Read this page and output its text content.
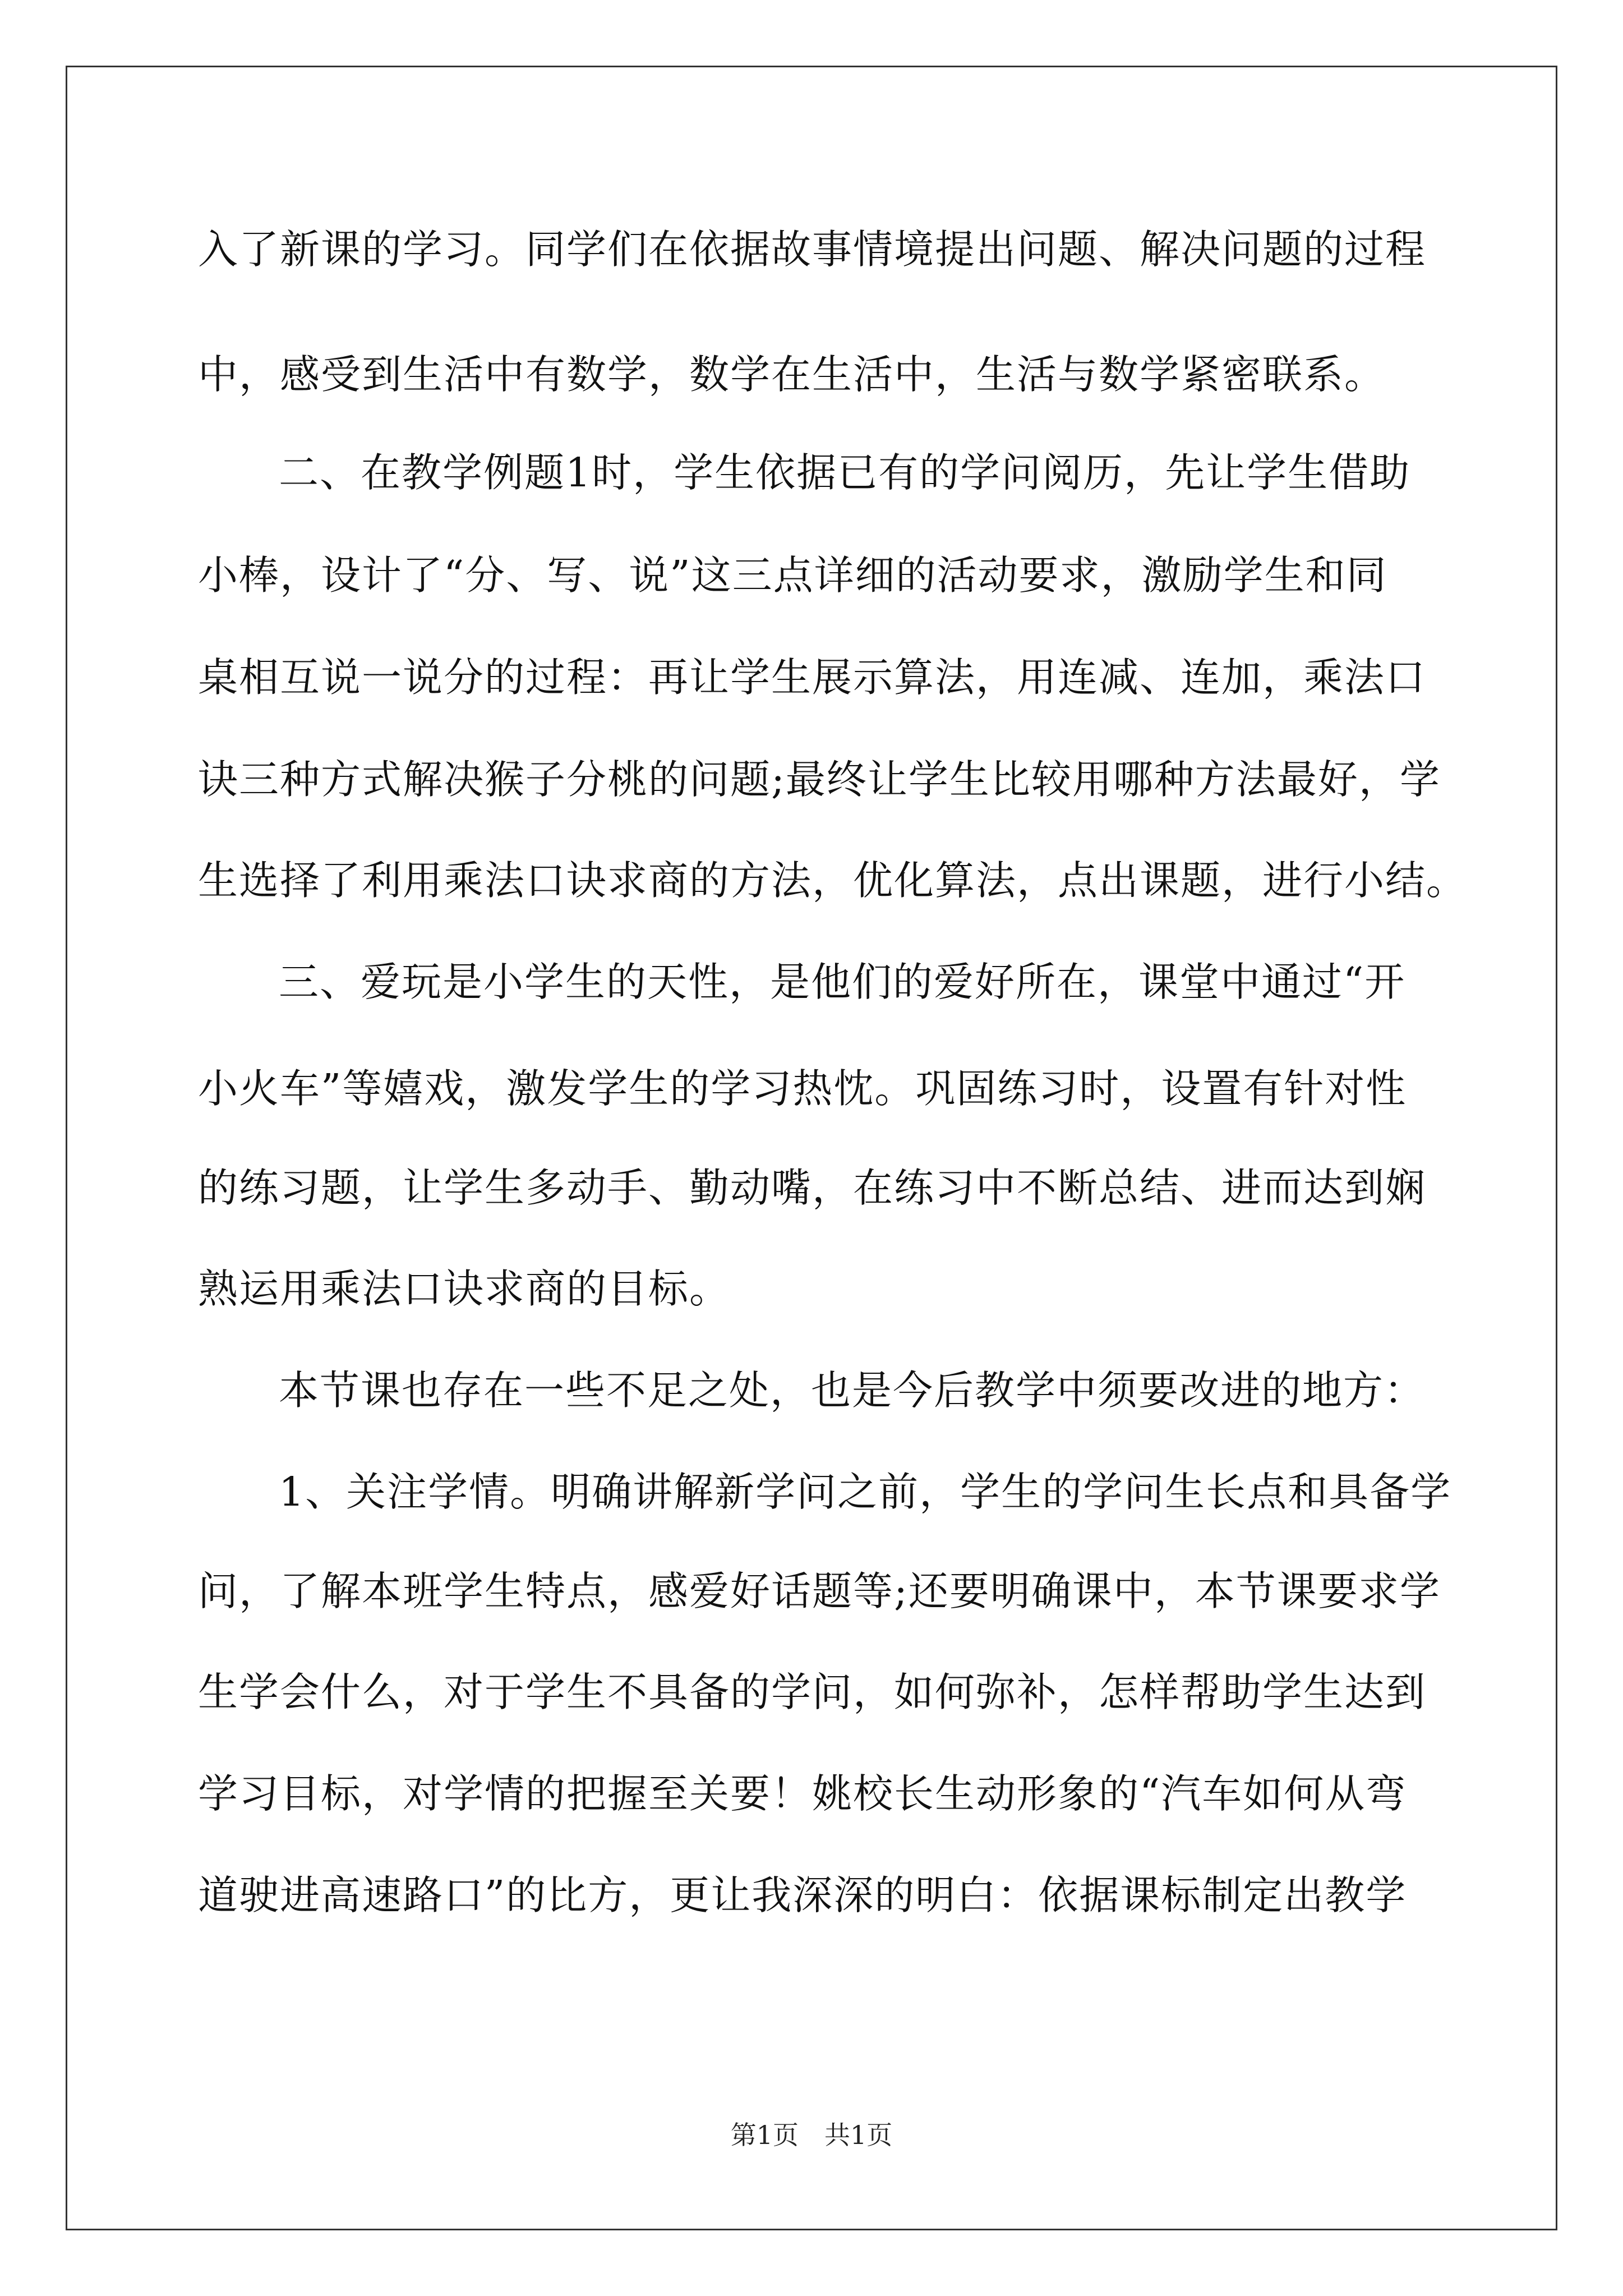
入了新课的学习。同学们在依据故事情境提出问题、解决问题的过程
中，感受到生活中有数学，数学在生活中，生活与数学紧密联系。
二、在教学例题1时，学生依据已有的学问阅历，先让学生借助
小棒，设计了“分、写、说”这三点详细的活动要求，激励学生和同
桌相互说一说分的过程：再让学生展示算法，用连减、连加，乘法口
诀三种方式解决猴子分桃的问题;最终让学生比较用哪种方法最好，学
生选择了利用乘法口诀求商的方法，优化算法，点出课题，进行小结。
三、爱玩是小学生的天性，是他们的爱好所在，课堂中通过“开
小火车”等嬉戏，激发学生的学习热忱。巩固练习时，设置有针对性
的练习题，让学生多动手、勤动嘴，在练习中不断总结、进而达到娴
熟运用乘法口诀求商的目标。
本节课也存在一些不足之处，也是今后教学中须要改进的地方：
1、关注学情。明确讲解新学问之前，学生的学问生长点和具备学
问，了解本班学生特点，感爱好话题等;还要明确课中，本节课要求学
生学会什么，对于学生不具备的学问，如何弥补，怎样帮助学生达到
学习目标，对学情的把握至关要！姚校长生动形象的“汽车如何从弯
道驶进高速路口”的比方，更让我深深的明白：依据课标制定出教学
第1页　共1页
